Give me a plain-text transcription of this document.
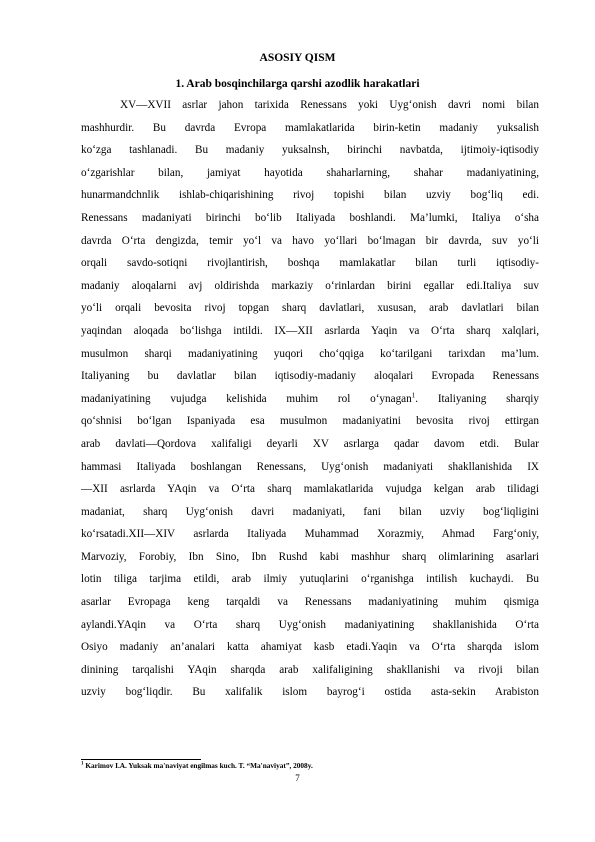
ASOSIY QISM
1. Arab bosqinchilarga qarshi azodlik harakatlari
XV—XVII asrlar jahon tarixida Renessans yoki Uyg‘onish davri nomi bilan
mashhurdir. Bu davrda Evropa mamlakatlarida birin-ketin madaniy yuksalish
ko‘zga tashlanadi. Bu madaniy yuksalnsh, birinchi navbatda, ijtimoiy-iqtisodiy
o‘zgarishlar bilan, jamiyat hayotida shaharlarning, shahar madaniyatining,
hunarmandchnlik ishlab-chiqarishining rivoj topishi bilan uzviy bog‘liq edi.
Renessans madaniyati birinchi bo‘lib Italiyada boshlandi. Ma’lumki, Italiya o‘sha
davrda O‘rta dengizda, temir yo‘l va havo yo‘llari bo‘lmagan bir davrda, suv yo‘li
orqali savdo-sotiqni rivojlantirish, boshqa mamlakatlar bilan turli iqtisodiy-
madaniy aloqalarni avj oldirishda markaziy o‘rinlardan birini egallar edi.Italiya suv
yo‘li orqali bevosita rivoj topgan sharq davlatlari, xususan, arab davlatlari bilan
yaqindan aloqada bo‘lishga intildi. IX—XII asrlarda Yaqin va O‘rta sharq xalqlari,
musulmon sharqi madaniyatining yuqori cho‘qqiga ko‘tarilgani tarixdan ma’lum.
Italiyaning bu davlatlar bilan iqtisodiy-madaniy aloqalari Evropada Renessans
madaniyatining vujudga kelishida muhim rol o‘ynagan$^1$. Italiyaning sharqiy
qo‘shnisi bo‘lgan Ispaniyada esa musulmon madaniyatini bevosita rivoj ettirgan
arab davlati—Qordova xalifaligi deyarli XV asrlarga qadar davom etdi. Bular
hammasi Italiyada boshlangan Renessans, Uyg‘onish madaniyati shakllanishida IX
—XII asrlarda YAqin va O‘rta sharq mamlakatlarida vujudga kelgan arab tilidagi
madaniat, sharq Uyg‘onish davri madaniyati, fani bilan uzviy bog‘liqligini
ko‘rsatadi.XII—XIV asrlarda Italiyada Muhammad Xorazmiy, Ahmad Farg‘oniy,
Marvoziy, Forobiy, Ibn Sino, Ibn Rushd kabi mashhur sharq olimlarining asarlari
lotin tiliga tarjima etildi, arab ilmiy yutuqlarini o‘rganishga intilish kuchaydi. Bu
asarlar Evropaga keng tarqaldi va Renessans madaniyatining muhim qismiga
aylandi.YAqin va O‘rta sharq Uyg‘onish madaniyatining shakllanishida O‘rta
Osiyo madaniy an’analari katta ahamiyat kasb etadi.Yaqin va O‘rta sharqda islom
dinining tarqalishi YAqin sharqda arab xalifaligining shakllanishi va rivoji bilan
uzviy bog‘liqdir. Bu xalifalik islom bayrog‘i ostida asta-sekin Arabiston
$^1$ Karimov I.A. Yuksak ma'naviyat engilmas kuch. T. “Ma'naviyat”, 2008y.
7
